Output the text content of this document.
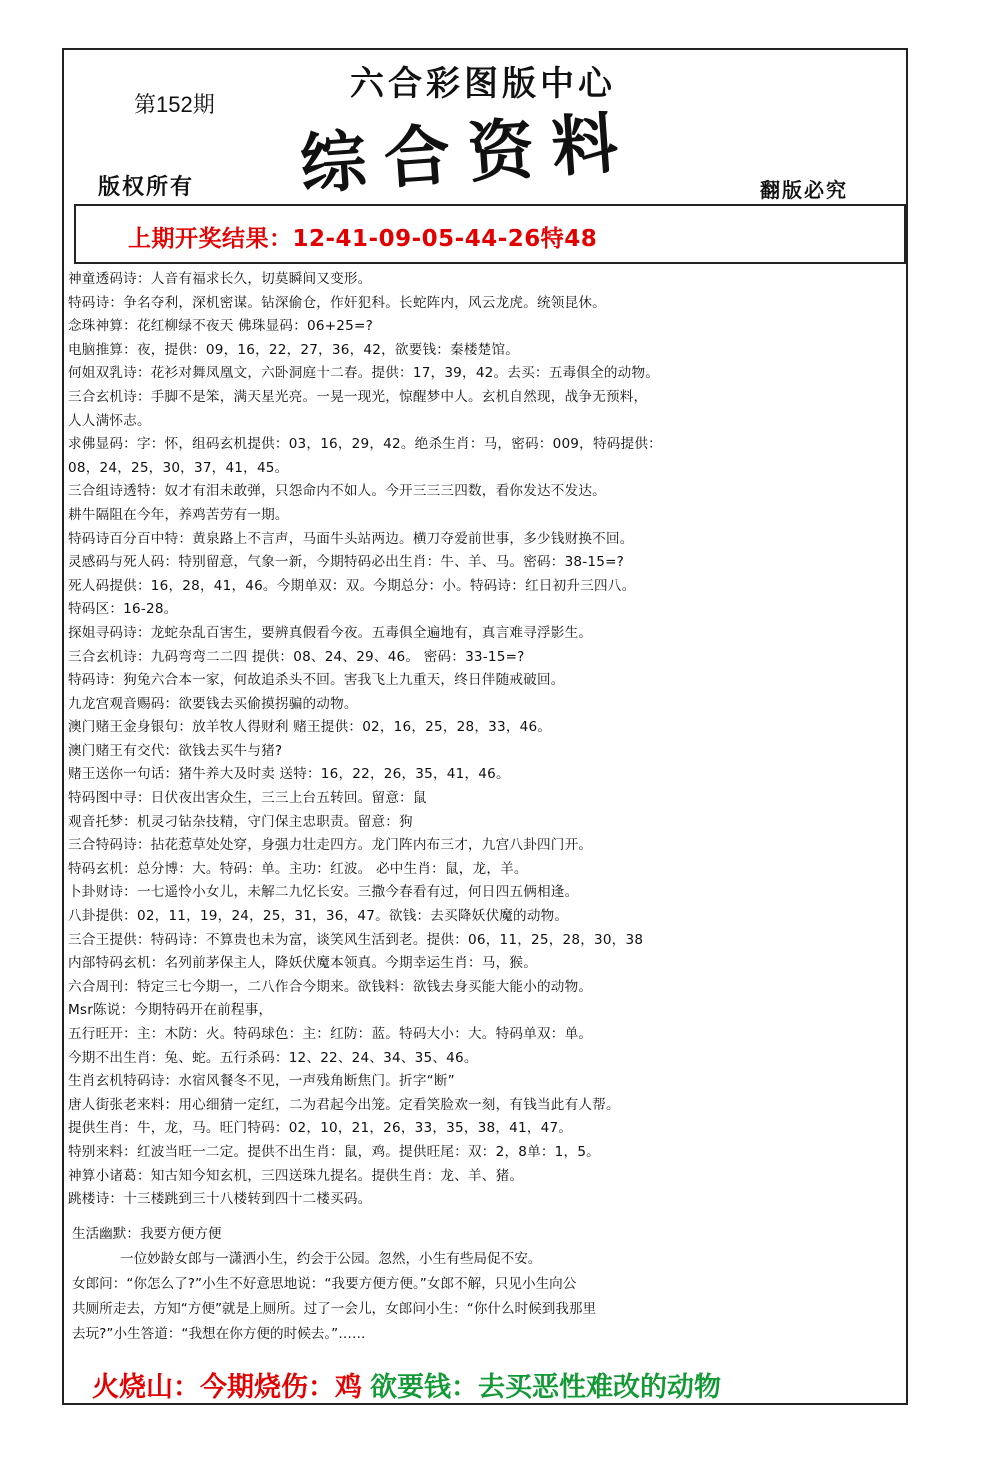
第152期
六合彩图版中心
综合资料
版权所有	翻版必究
上期开奖结果：12-41-09-05-44-26特48
神童透码诗：人音有福求长久，切莫瞬间又变形。
特码诗：争名夺利，深机密谋。钻深偷仓，作奸犯科。长蛇阵内，风云龙虎。统领昆休。
念珠神算：花红柳绿不夜天 佛珠显码：06+25=?
电脑推算：夜，提供：09，16，22，27，36，42，欲要钱：秦楼楚馆。
何姐双乳诗：花衫对舞凤凰文，六卧洞庭十二春。提供：17，39，42。去买：五毒俱全的动物。
三合玄机诗：手脚不是笨，满天星光亮。一晃一现光，惊醒梦中人。玄机自然现，战争无预料，
人人满怀志。
求佛显码：字：怀，组码玄机提供：03，16，29，42。绝杀生肖：马，密码：009，特码提供：
08，24，25，30，37，41，45。
三合组诗透特：奴才有泪未敢弹，只怨命内不如人。今开三三三四数，看你发达不发达。
耕牛隔阻在今年，养鸡苦劳有一期。
特码诗百分百中特：黄泉路上不言声，马面牛头站两边。横刀夺爱前世事，多少钱财换不回。
灵感码与死人码：特别留意，气象一新，今期特码必出生肖：牛、羊、马。密码：38-15=?
死人码提供：16，28，41，46。今期单双：双。今期总分：小。特码诗：红日初升三四八。
特码区：16-28。
探姐寻码诗：龙蛇杂乱百害生，要辨真假看今夜。五毒俱全遍地有，真言难寻浮影生。
三合玄机诗：九码弯弯二二四 提供：08、24、29、46。 密码：33-15=?
特码诗：狗兔六合本一家，何故追杀头不回。害我飞上九重天，终日伴随戒破回。
九龙宫观音赐码：欲要钱去买偷摸拐骗的动物。
澳门赌王金身银句：放羊牧人得财利 赌王提供：02，16，25，28，33，46。
澳门赌王有交代：欲钱去买牛与猪?
赌王送你一句话：猪牛养大及时卖 送特：16，22，26，35，41，46。
特码图中寻：日伏夜出害众生，三三上台五转回。留意：鼠
观音托梦：机灵刁钻杂技精，守门保主忠职责。留意：狗
三合特码诗：拈花惹草处处穿，身强力壮走四方。龙门阵内布三才，九宫八卦四门开。
特码玄机：总分博：大。特码：单。主功：红波。 必中生肖：鼠，龙，羊。
卜卦财诗：一七遥怜小女儿，未解二九忆长安。三撒今春看有过，何日四五俩相逢。
八卦提供：02，11，19，24，25，31，36，47。欲钱：去买降妖伏魔的动物。
三合王提供：特码诗：不算贵也未为富，谈笑风生活到老。提供：06，11，25，28，30，38
内部特码玄机：名列前茅保主人，降妖伏魔本领真。今期幸运生肖：马，猴。
六合周刊：特定三七今期一，二八作合今期来。欲钱料：欲钱去身买能大能小的动物。
Msr陈说：今期特码开在前程事，
五行旺开：主：木防：火。特码球色：主：红防：蓝。特码大小：大。特码单双：单。
今期不出生肖：兔、蛇。五行杀码：12、22、24、34、35、46。
生肖玄机特码诗：水宿风餐冬不见，一声残角断焦门。折字“断”
唐人街张老来料：用心细猜一定红，二为君起今出笼。定看笑脸欢一刻，有钱当此有人帮。
提供生肖：牛，龙，马。旺门特码：02，10，21，26，33，35，38，41，47。
特别来料：红波当旺一二定。提供不出生肖：鼠，鸡。提供旺尾：双：2，8单：1，5。
神算小诸葛：知古知今知玄机，三四送珠九提名。提供生肖：龙、羊、猪。
跳楼诗：十三楼跳到三十八楼转到四十二楼买码。
生活幽默：我要方便方便
一位妙龄女郎与一潇洒小生，约会于公园。忽然，小生有些局促不安。
女郎问：“你怎么了?”小生不好意思地说：“我要方便方便。”女郎不解，只见小生向公
共厕所走去，方知“方便”就是上厕所。过了一会儿，女郎问小生：“你什么时候到我那里
去玩?”小生答道：“我想在你方便的时候去。”……
火烧山：今期烧伤：鸡 欲要钱：去买恶性难改的动物
